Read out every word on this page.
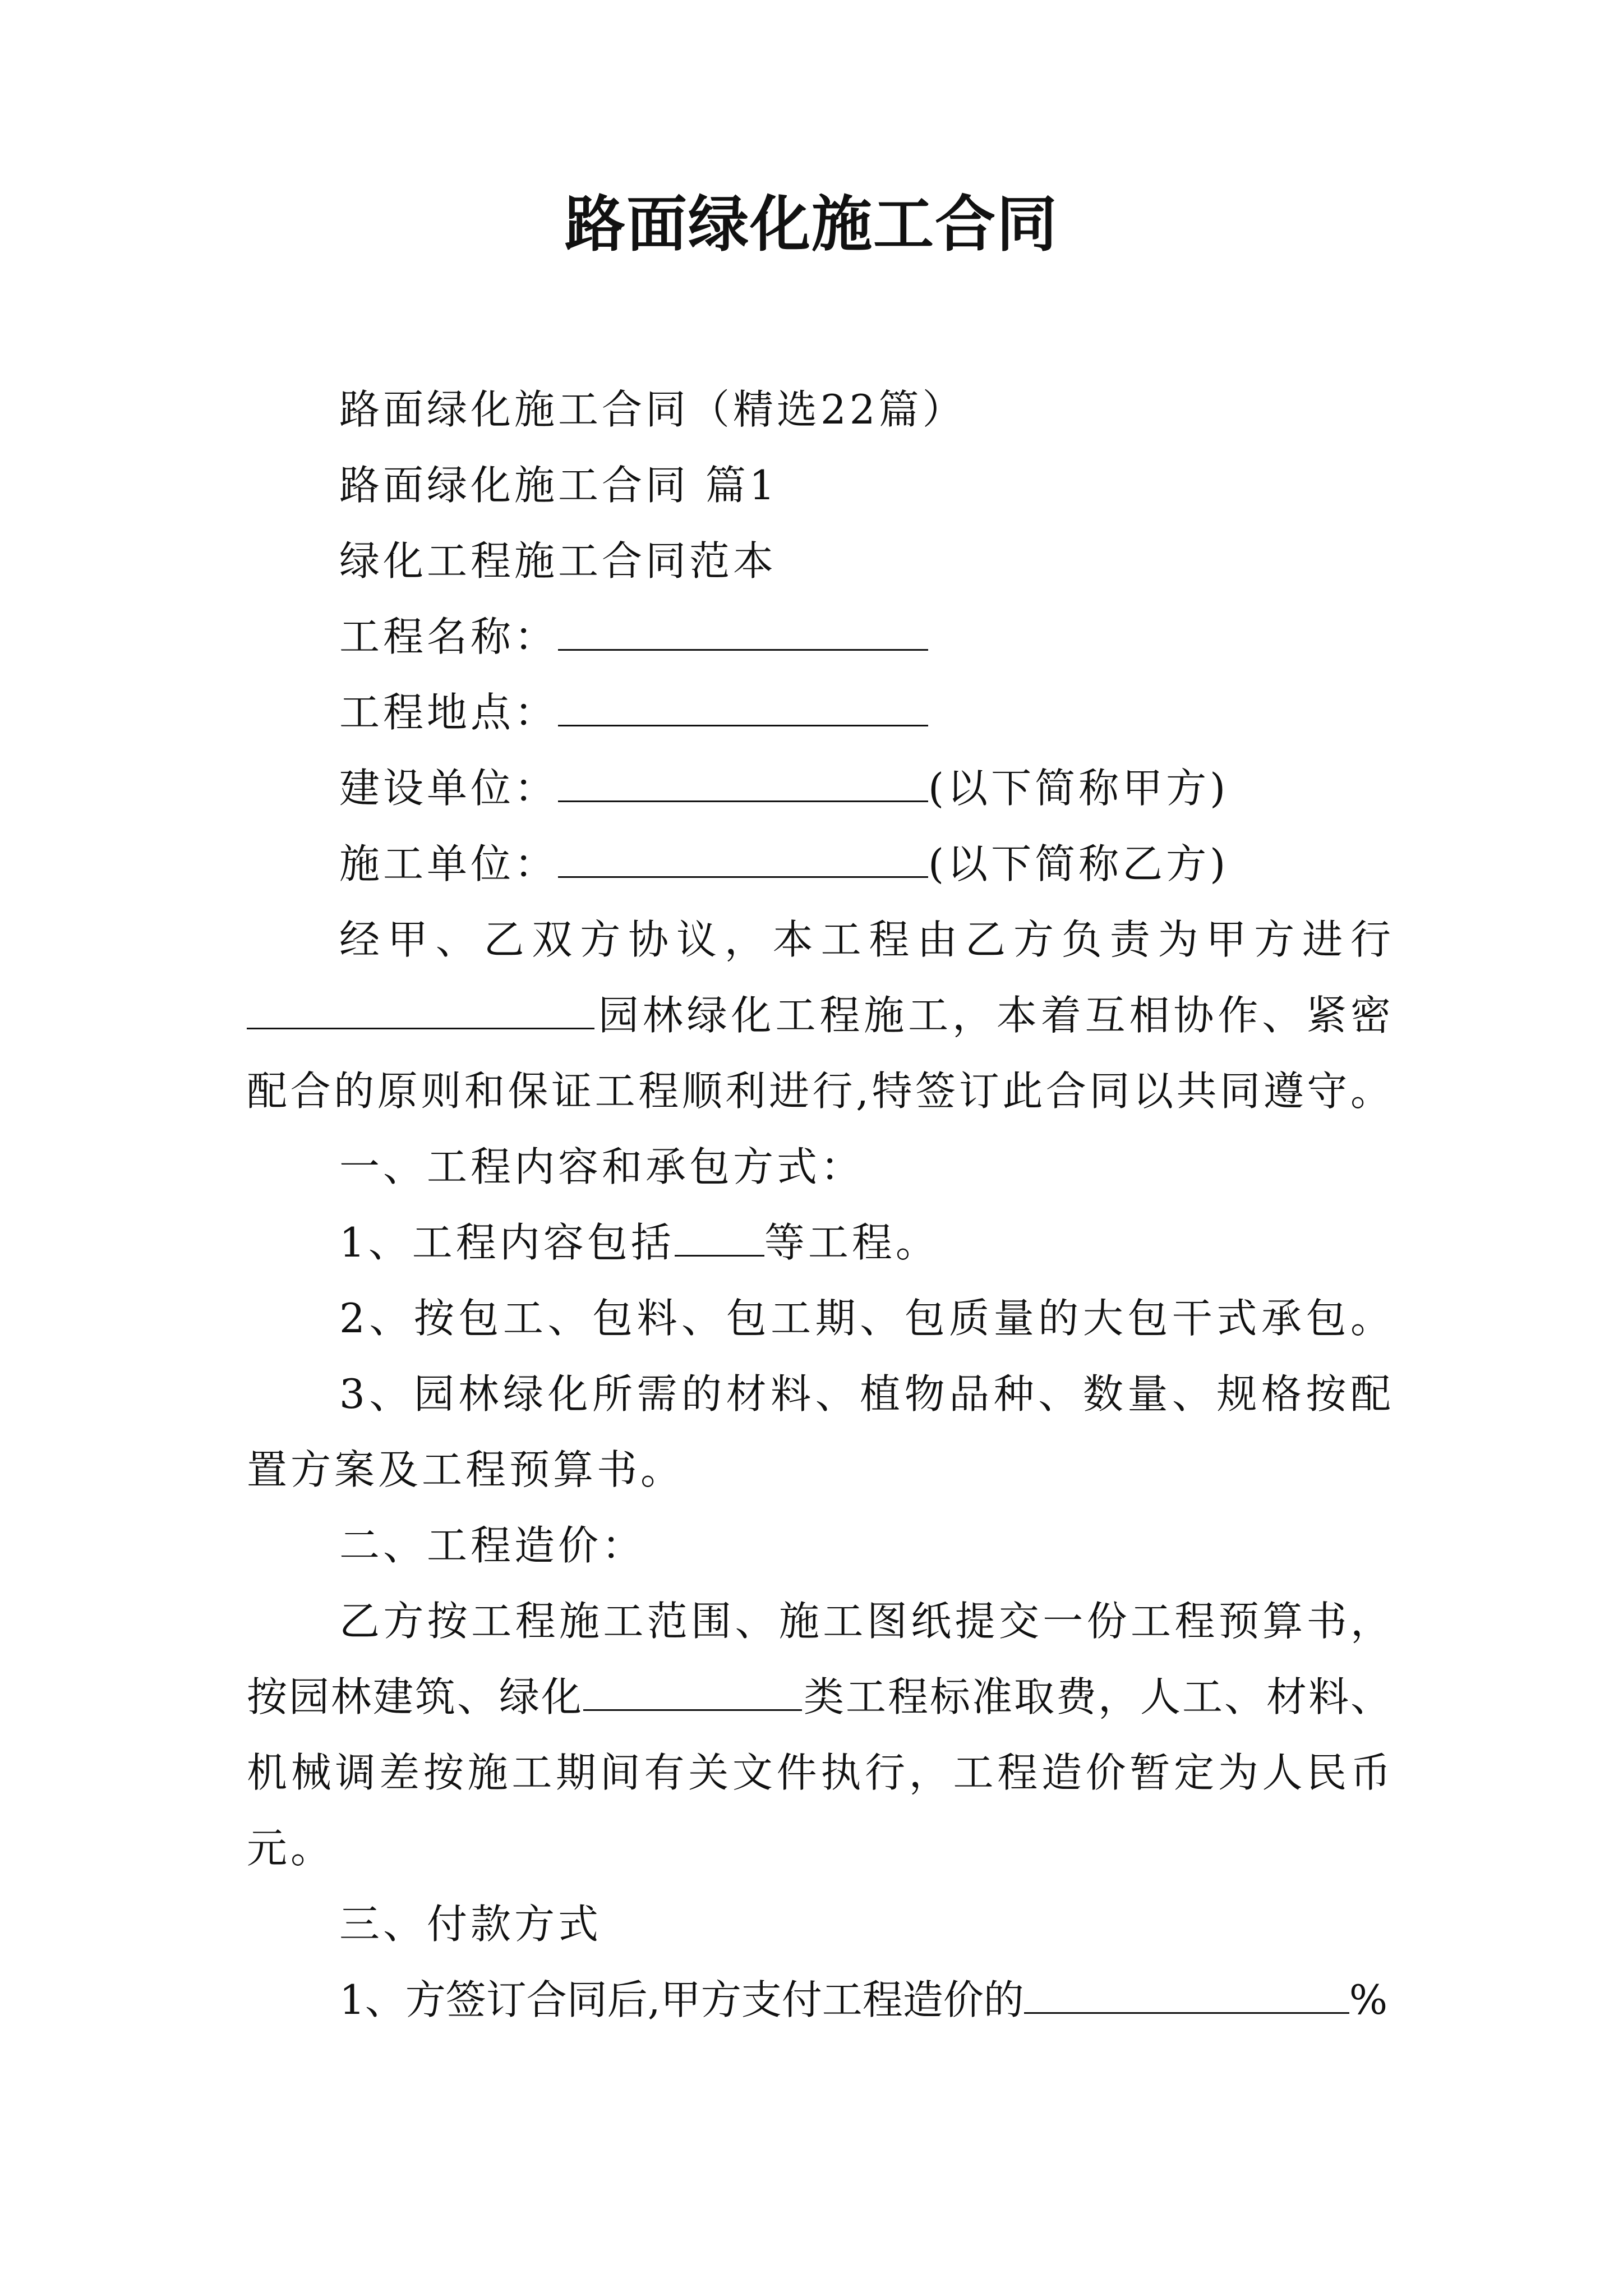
路面绿化施工合同
路面绿化施工合同（精选22篇）
路面绿化施工合同 篇1
绿化工程施工合同范本
工程名称：
工程地点：
建设单位：	(以下简称甲方)
施工单位：	(以下简称乙方)
经甲、乙双方协议，本工程由乙方负责为甲方进行
园林绿化工程施工，本着互相协作、紧密
配合的原则和保证工程顺利进行,特签订此合同以共同遵守。
一、工程内容和承包方式：
1、工程内容包括 等工程。
2、按包工、包料、包工期、包质量的大包干式承包。
3、园林绿化所需的材料、植物品种、数量、规格按配
置方案及工程预算书。
二、工程造价：
乙方按工程施工范围、施工图纸提交一份工程预算书，
按园林建筑、绿化	类工程标准取费，人工、材料、
机械调差按施工期间有关文件执行，工程造价暂定为人民币
元。
三、付款方式
1、方签订合同后,甲方支付工程造价的	%
